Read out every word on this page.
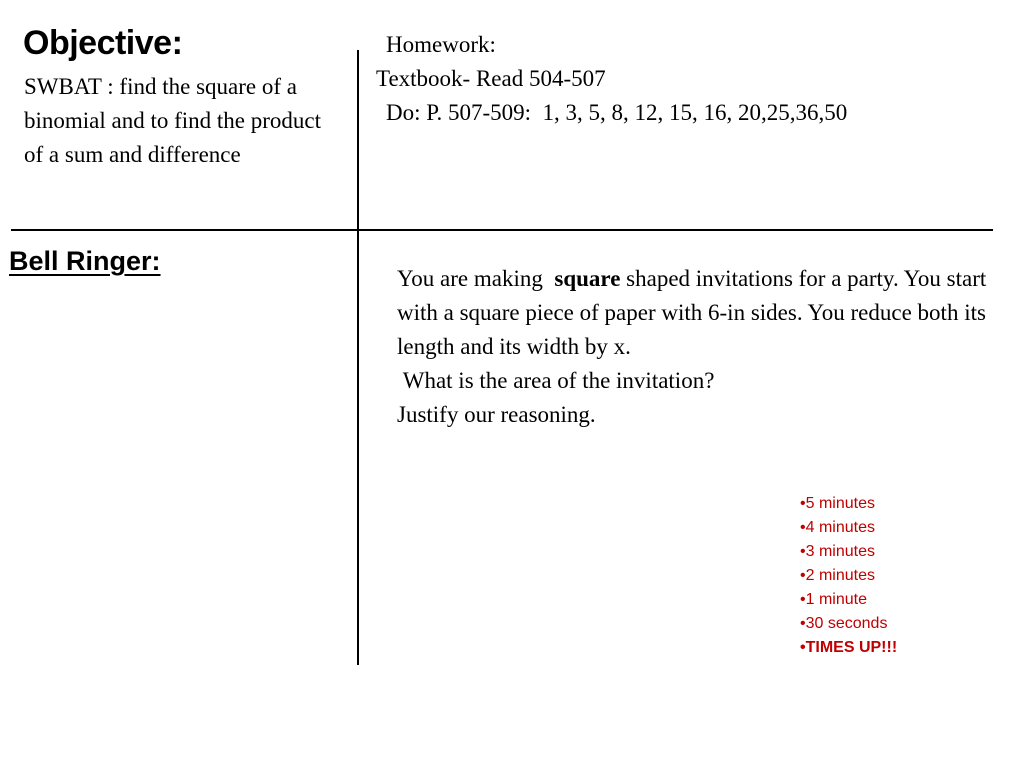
Objective:
SWBAT : find the square of a binomial and to find the product of a sum and difference
Homework:
Textbook- Read 504-507
Do: P. 507-509:  1, 3, 5, 8, 12, 15, 16, 20,25,36,50
Bell Ringer:

You are making  square shaped invitations for a party. You start with a square piece of paper with 6-in sides. You reduce both its length and its width by x.

What is the area of the invitation?

Justify our reasoning.

• 5 minutes
• 4 minutes
• 3 minutes
• 2 minutes
• 1 minute
• 30 seconds
• TIMES UP!!!
